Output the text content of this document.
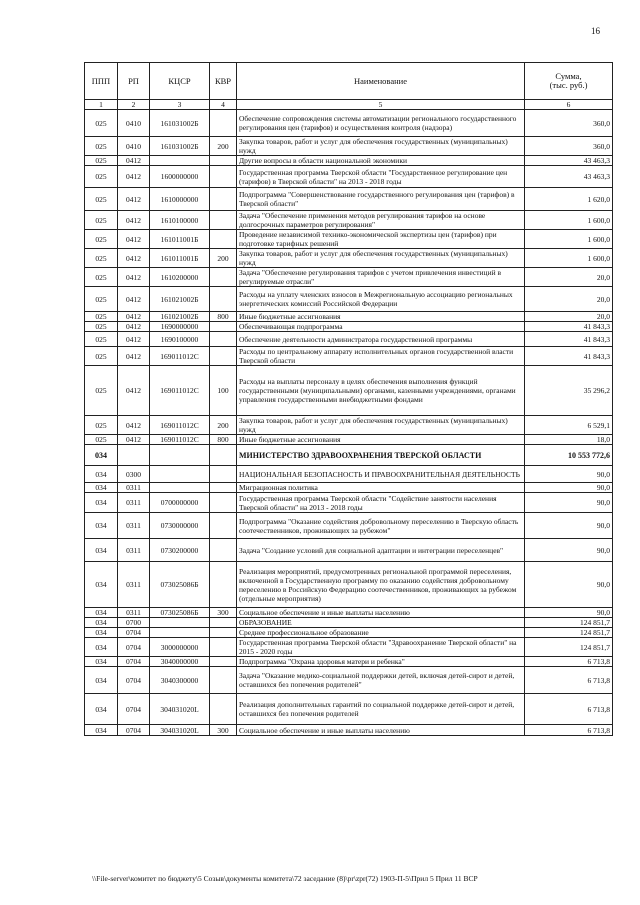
16
ППП	РП	КЦСР	КВР	Наименование	Сумма,
(тыс. руб.)
1	2	3	4	5	6
025	0410	161031002Б		Обеспечение сопровождения системы автоматизации регионального государственного регулирования цен (тарифов) и осуществления контроля (надзора)	360,0
025	0410	161031002Б	200	Закупка товаров, работ и услуг для обеспечения государственных (муниципальных) нужд	360,0
025	0412			Другие вопросы в области национальной экономики	43 463,3
025	0412	1600000000		Государственная программа Тверской области "Государственное регулирование цен (тарифов) в Тверской области" на 2013 - 2018 годы	43 463,3
025	0412	1610000000		Подпрограмма "Совершенствование государственного регулирования цен (тарифов) в Тверской области"	1 620,0
025	0412	1610100000		Задача "Обеспечение применения методов регулирования тарифов на основе долгосрочных параметров регулирования"	1 600,0
025	0412	161011001Б		Проведение независимой технико-экономической экспертизы цен (тарифов) при подготовке тарифных решений	1 600,0
025	0412	161011001Б	200	Закупка товаров, работ и услуг для обеспечения государственных (муниципальных) нужд	1 600,0
025	0412	1610200000		Задача "Обеспечение регулирования тарифов с учетом привлечения инвестиций в регулируемые отрасли"	20,0
025	0412	161021002Б		Расходы на уплату членских взносов в Межрегиональную ассоциацию региональных энергетических комиссий Российской Федерации	20,0
025	0412	161021002Б	800	Иные бюджетные ассигнования	20,0
025	0412	1690000000		Обеспечивающая подпрограмма	41 843,3
025	0412	1690100000		Обеспечение деятельности администратора государственной программы	41 843,3
025	0412	169011012С		Расходы по центральному аппарату исполнительных органов государственной власти Тверской области	41 843,3
025	0412	169011012С	100	Расходы на выплаты персоналу в целях обеспечения выполнения функций государственными (муниципальными) органами, казенными учреждениями, органами управления государственными внебюджетными фондами	35 296,2
025	0412	169011012С	200	Закупка товаров, работ и услуг для обеспечения государственных (муниципальных) нужд	6 529,1
025	0412	169011012С	800	Иные бюджетные ассигнования	18,0
034				МИНИСТЕРСТВО ЗДРАВООХРАНЕНИЯ ТВЕРСКОЙ ОБЛАСТИ	10 553 772,6
034	0300			НАЦИОНАЛЬНАЯ БЕЗОПАСНОСТЬ И ПРАВООХРАНИТЕЛЬНАЯ ДЕЯТЕЛЬНОСТЬ	90,0
034	0311			Миграционная политика	90,0
034	0311	0700000000		Государственная программа Тверской области "Содействие занятости населения Тверской области" на 2013 - 2018 годы	90,0
034	0311	0730000000		Подпрограмма "Оказание содействия добровольному переселению в Тверскую область соотечественников, проживающих за рубежом"	90,0
034	0311	0730200000		Задача "Создание условий для социальной адаптации и интеграции переселенцев"	90,0
034	0311	073025086Б		Реализация мероприятий, предусмотренных региональной программой переселения, включенной в Государственную программу по оказанию содействия добровольному переселению в Российскую Федерацию соотечественников, проживающих за рубежом (отдельные мероприятия)	90,0
034	0311	073025086Б	300	Социальное обеспечение и иные выплаты населению	90,0
034	0700			ОБРАЗОВАНИЕ	124 851,7
034	0704			Среднее профессиональное образование	124 851,7
034	0704	3000000000		Государственная программа Тверской области "Здравоохранение Тверской области" на 2015 - 2020 годы	124 851,7
034	0704	3040000000		Подпрограмма "Охрана здоровья матери и ребенка"	6 713,8
034	0704	3040300000		Задача "Оказание медико-социальной поддержки детей, включая детей-сирот и детей, оставшихся без попечения родителей"	6 713,8
034	0704	304031020L		Реализация дополнительных гарантий по социальной поддержке детей-сирот и детей, оставшихся без попечения родителей	6 713,8
034	0704	304031020L	300	Социальное обеспечение и иные выплаты населению	6 713,8
\\File-server\комитет по бюджету\5 Созыв\документы комитета\72 заседание (8)\pr\zpr(72) 1903-П-5\Прил 5 Прил 11 ВСР
